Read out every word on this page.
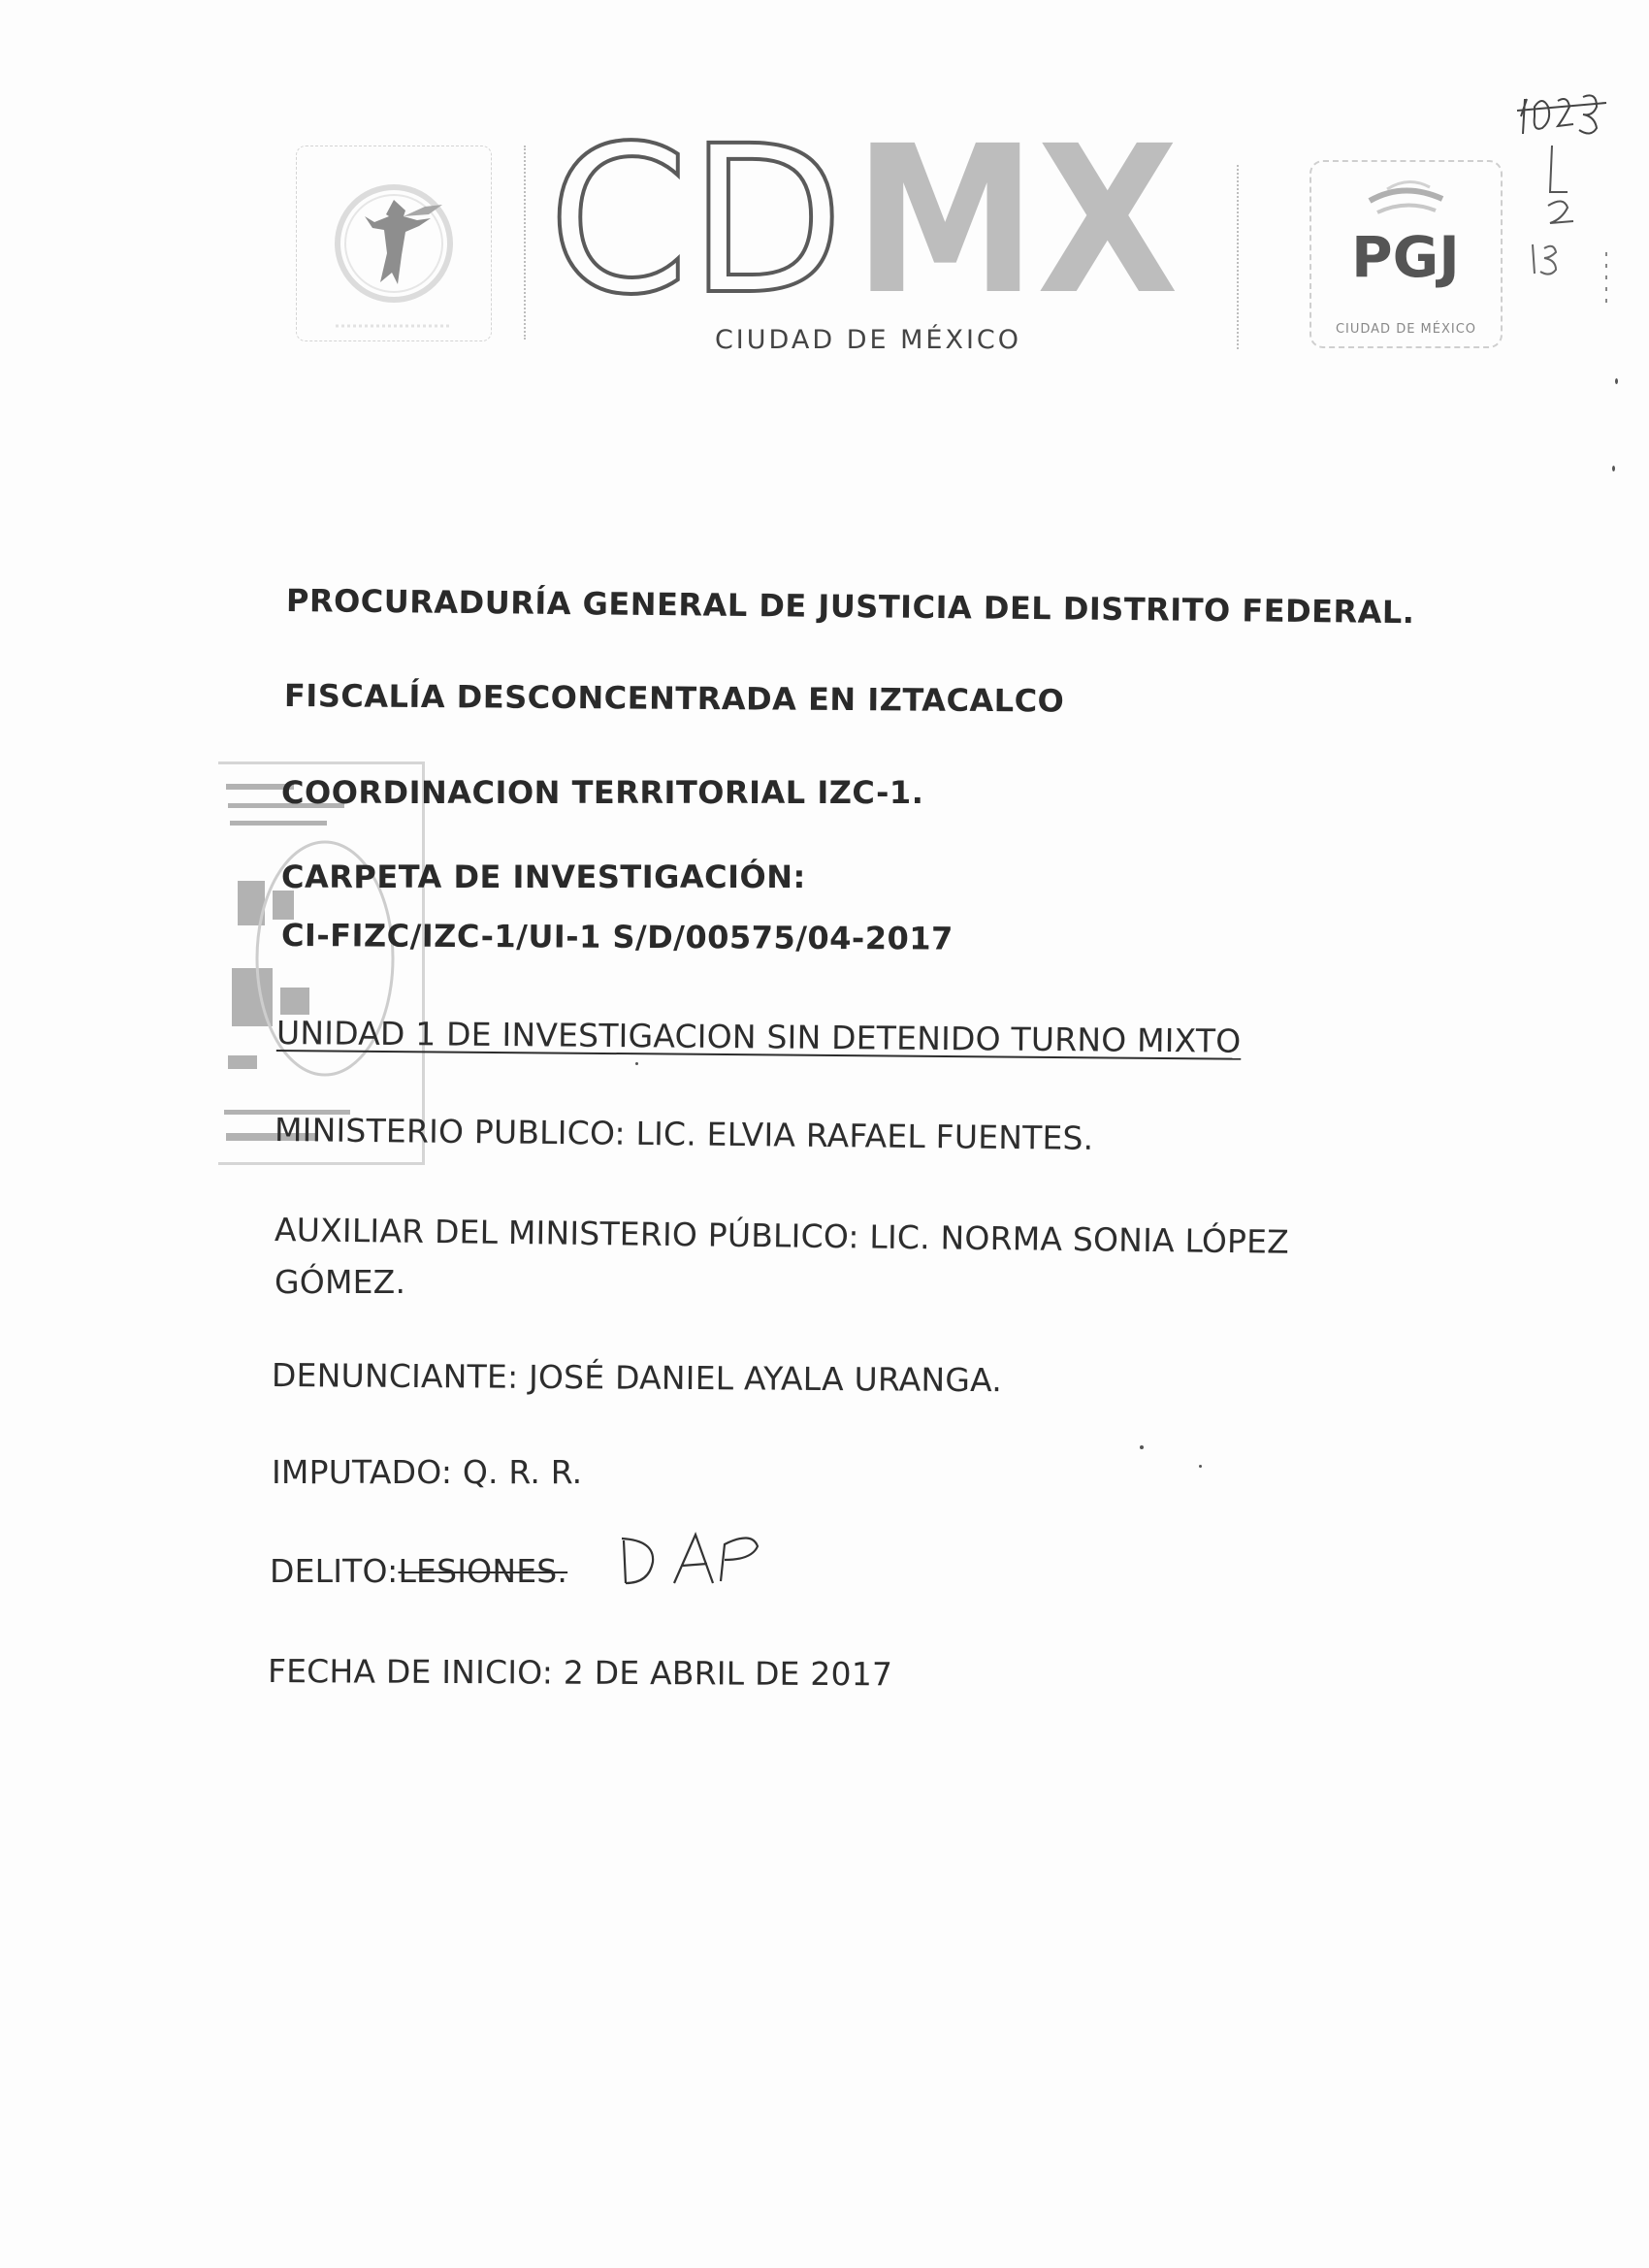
CD MX
CIUDAD DE MÉXICO
PGJ
CIUDAD DE MÉXICO
PROCURADURÍA GENERAL DE JUSTICIA DEL DISTRITO FEDERAL.
FISCALÍA DESCONCENTRADA EN IZTACALCO
COORDINACION TERRITORIAL IZC-1.
CARPETA DE INVESTIGACIÓN:
CI-FIZC/IZC-1/UI-1 S/D/00575/04-2017
UNIDAD 1 DE INVESTIGACION SIN DETENIDO TURNO MIXTO
MINISTERIO PUBLICO: LIC. ELVIA RAFAEL FUENTES.
AUXILIAR DEL MINISTERIO PÚBLICO: LIC. NORMA SONIA LÓPEZ
GÓMEZ.
DENUNCIANTE: JOSÉ DANIEL AYALA URANGA.
IMPUTADO: Q. R. R.
DELITO:LESIONES.
FECHA DE INICIO: 2 DE ABRIL DE 2017
